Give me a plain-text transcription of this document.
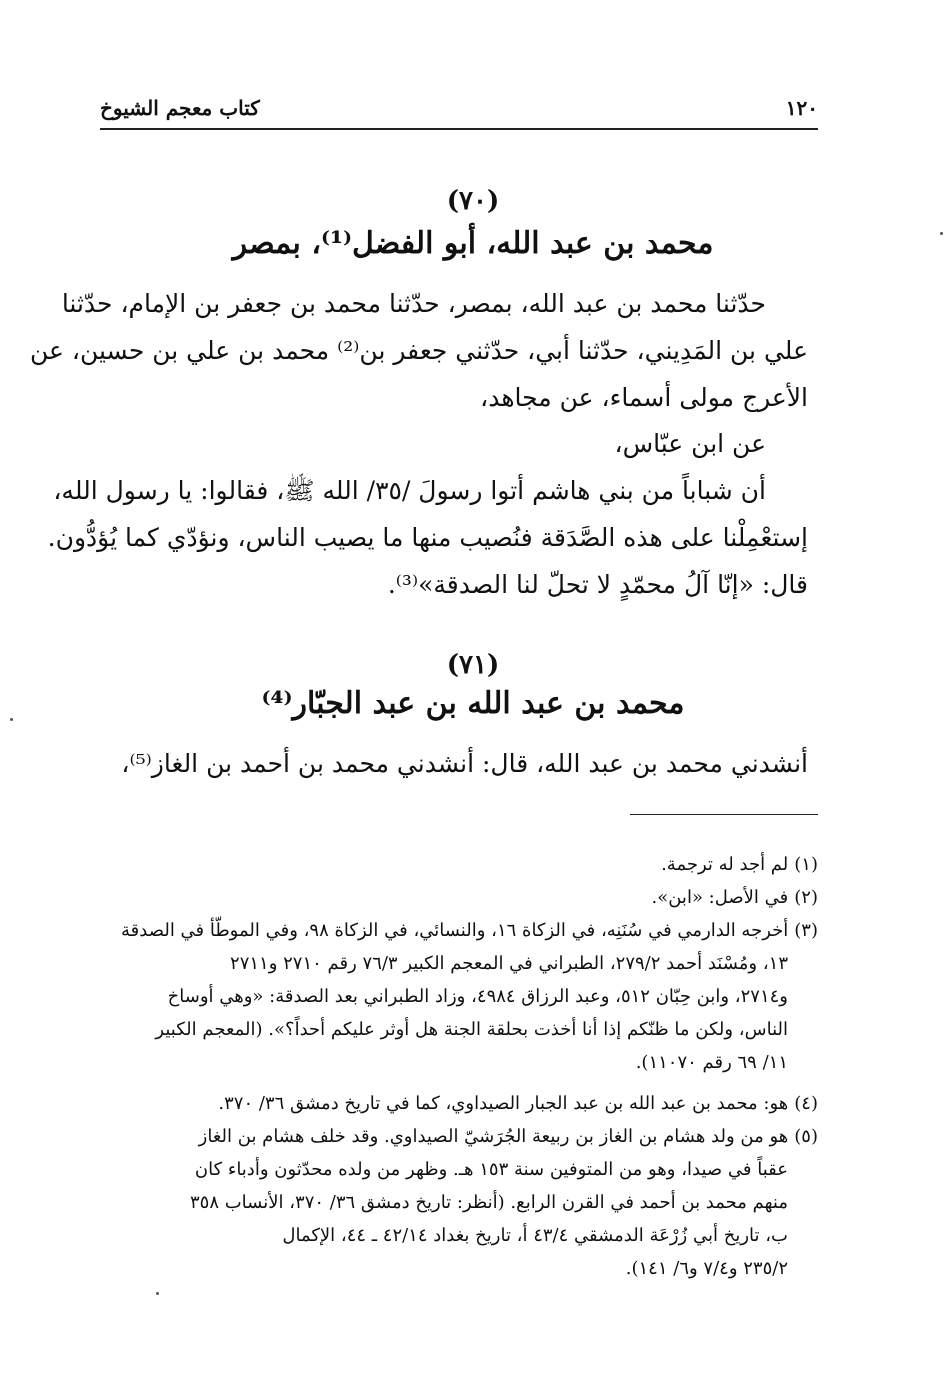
١٢٠
كتاب معجم الشيوخ
(٧٠)
محمد بن عبد الله، أبو الفضل⁽¹⁾، بمصر
حدّثنا محمد بن عبد الله، بمصر، حدّثنا محمد بن جعفر بن الإمام، حدّثنا
علي بن المَدِيني، حدّثنا أبي، حدّثني جعفر بن⁽²⁾ محمد بن علي بن حسين، عن
الأعرج مولى أسماء، عن مجاهد،
عن ابن عبّاس،
أن شباباً من بني هاشم أتوا رسولَ /٣٥/ الله ﷺ، فقالوا: يا رسول الله،
إستعْمِلْنا على هذه الصَّدَقة فنُصيب منها ما يصيب الناس، ونؤدّي كما يُؤدُّون.
قال: «إنّا آلُ محمّدٍ لا تحلّ لنا الصدقة»⁽³⁾.
(٧١)
محمد بن عبد الله بن عبد الجبّار⁽⁴⁾
أنشدني محمد بن عبد الله، قال: أنشدني محمد بن أحمد بن الغاز⁽⁵⁾،
(١)لم أجد له ترجمة.
(٢)في الأصل: «ابن».
(٣)أخرجه الدارمي في سُنَنِه، في الزكاة ١٦، والنسائي، في الزكاة ٩٨، وفي الموطّأ في الصدقة
١٣، ومُسْنَد أحمد ٢٧٩/٢، الطبراني في المعجم الكبير ٧٦/٣ رقم ٢٧١٠ و٢٧١١
و٢٧١٤، وابن حِبّان ٥١٢، وعبد الرزاق ٤٩٨٤، وزاد الطبراني بعد الصدقة: «وهي أوساخ
الناس، ولكن ما ظنّكم إذا أنا أخذت بحلقة الجنة هل أوثر عليكم أحداً؟». (المعجم الكبير
١١/ ٦٩ رقم ١١٠٧٠).
(٤)هو: محمد بن عبد الله بن عبد الجبار الصيداوي، كما في تاريخ دمشق ٣٦/ ٣٧٠.
(٥)هو من ولد هشام بن الغاز بن ربيعة الجُرَشيّ الصيداوي. وقد خلف هشام بن الغاز
عقباً في صيدا، وهو من المتوفين سنة ١٥٣ هـ. وظهر من ولده محدّثون وأدباء كان
منهم محمد بن أحمد في القرن الرابع. (أنظر: تاريخ دمشق ٣٦/ ٣٧٠، الأنساب ٣٥٨
ب، تاريخ أبي زُرْعَة الدمشقي ٤٣/٤ أ، تاريخ بغداد ٤٢/١٤ ـ ٤٤، الإكمال
٢٣٥/٢ و٧/٤ و٦/ ١٤١).
